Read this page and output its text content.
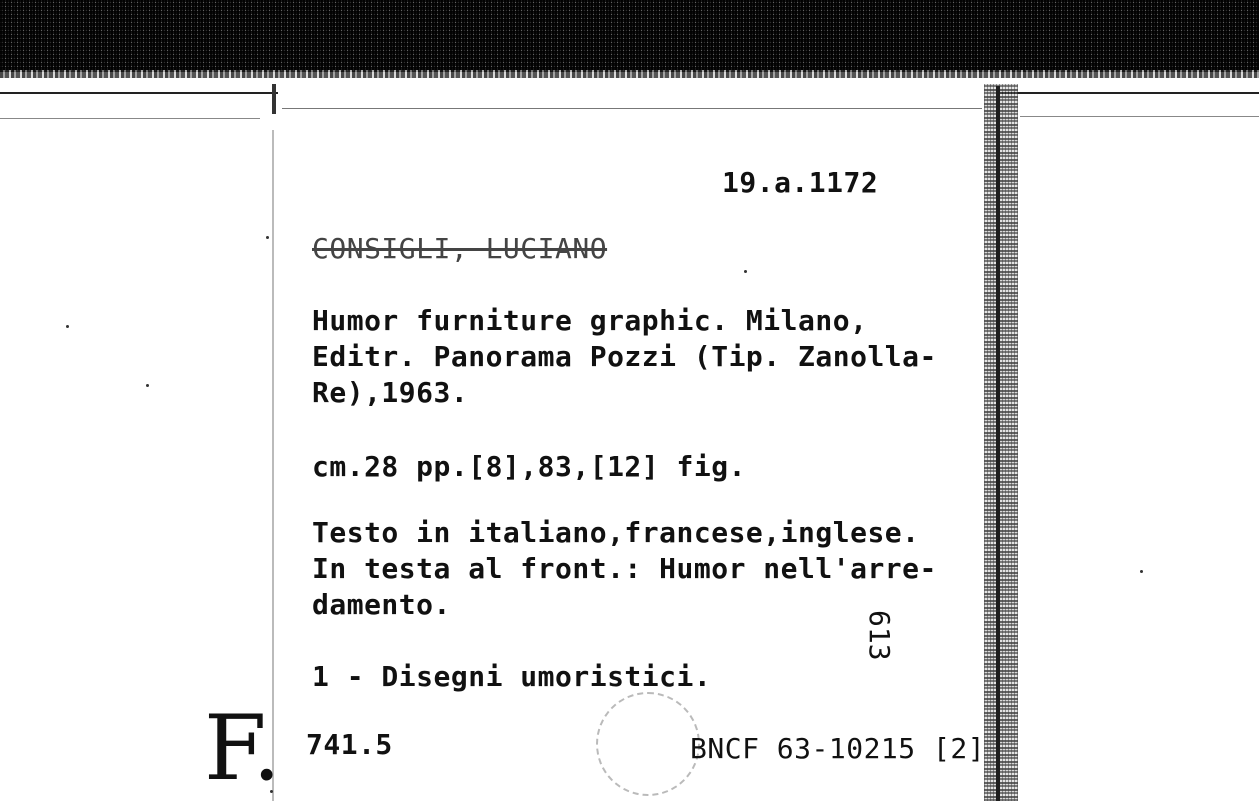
19.a.1172
CONSIGLI, LUCIANO
Humor furniture graphic. Milano,
Editr. Panorama Pozzi (Tip. Zanolla-
Re),1963.
cm.28 pp.[8],83,[12] fig.
Testo in italiano,francese,inglese.
In testa al front.: Humor nell'arre-
damento.
1 - Disegni umoristici.
741.5	BNCF 63-10215 [2]
613
F.
